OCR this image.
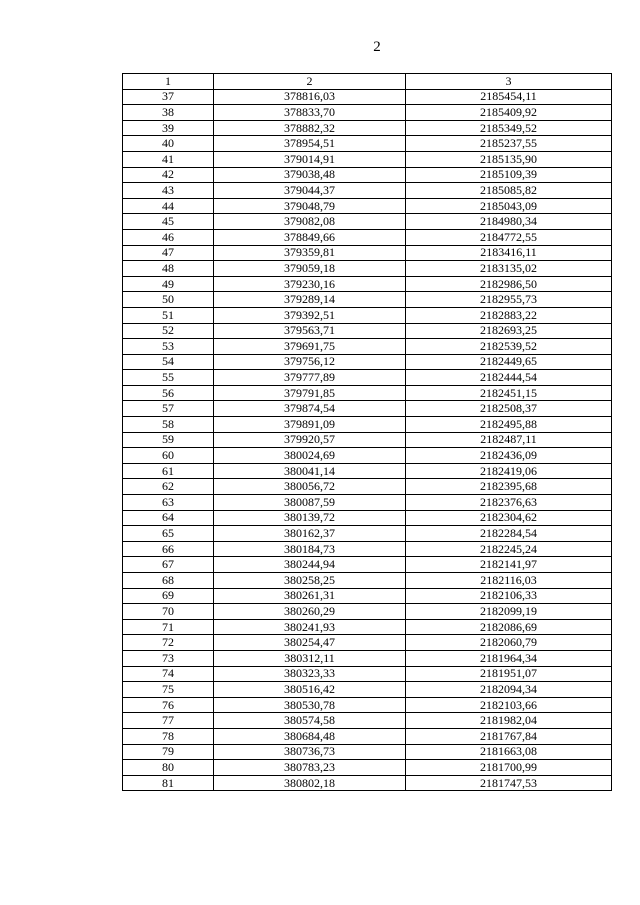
2
1	2	3
37	378816,03	2185454,11
38	378833,70	2185409,92
39	378882,32	2185349,52
40	378954,51	2185237,55
41	379014,91	2185135,90
42	379038,48	2185109,39
43	379044,37	2185085,82
44	379048,79	2185043,09
45	379082,08	2184980,34
46	378849,66	2184772,55
47	379359,81	2183416,11
48	379059,18	2183135,02
49	379230,16	2182986,50
50	379289,14	2182955,73
51	379392,51	2182883,22
52	379563,71	2182693,25
53	379691,75	2182539,52
54	379756,12	2182449,65
55	379777,89	2182444,54
56	379791,85	2182451,15
57	379874,54	2182508,37
58	379891,09	2182495,88
59	379920,57	2182487,11
60	380024,69	2182436,09
61	380041,14	2182419,06
62	380056,72	2182395,68
63	380087,59	2182376,63
64	380139,72	2182304,62
65	380162,37	2182284,54
66	380184,73	2182245,24
67	380244,94	2182141,97
68	380258,25	2182116,03
69	380261,31	2182106,33
70	380260,29	2182099,19
71	380241,93	2182086,69
72	380254,47	2182060,79
73	380312,11	2181964,34
74	380323,33	2181951,07
75	380516,42	2182094,34
76	380530,78	2182103,66
77	380574,58	2181982,04
78	380684,48	2181767,84
79	380736,73	2181663,08
80	380783,23	2181700,99
81	380802,18	2181747,53
